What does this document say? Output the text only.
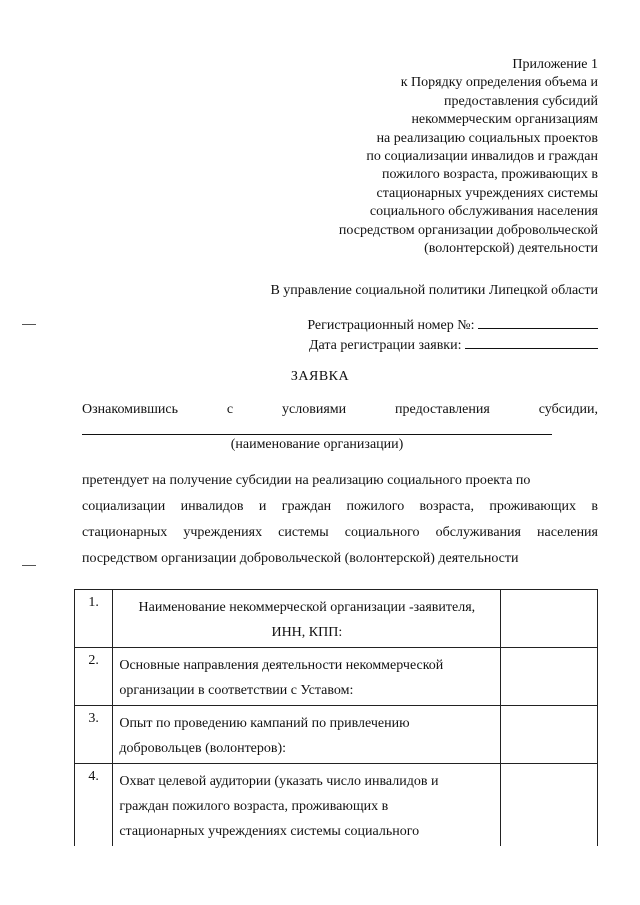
Приложение 1
к Порядку определения объема и
предоставления субсидий
некоммерческим организациям
на реализацию социальных проектов
по социализации инвалидов и граждан
пожилого возраста, проживающих в
стационарных учреждениях системы
социального обслуживания населения
посредством организации добровольческой
(волонтерской) деятельности
В управление социальной политики Липецкой области
Регистрационный номер №:
Дата регистрации заявки:
ЗАЯВКА
Ознакомившись	с	условиями	предоставления	субсидии,
(наименование организации)
претендует на получение субсидии на реализацию социального проекта по
социализации инвалидов и граждан пожилого возраста, проживающих в
стационарных учреждениях системы социального обслуживания населения
посредством организации добровольческой (волонтерской) деятельности
1.	Наименование некоммерческой организации -заявителя,
ИНН, КПП:	

2.	Основные направления деятельности некоммерческой
организации в соответствии с Уставом:	

3.	Опыт по проведению кампаний по привлечению
добровольцев (волонтеров):	

4.	Охват целевой аудитории (указать число инвалидов и
граждан пожилого возраста, проживающих в
стационарных учреждениях системы социального	
